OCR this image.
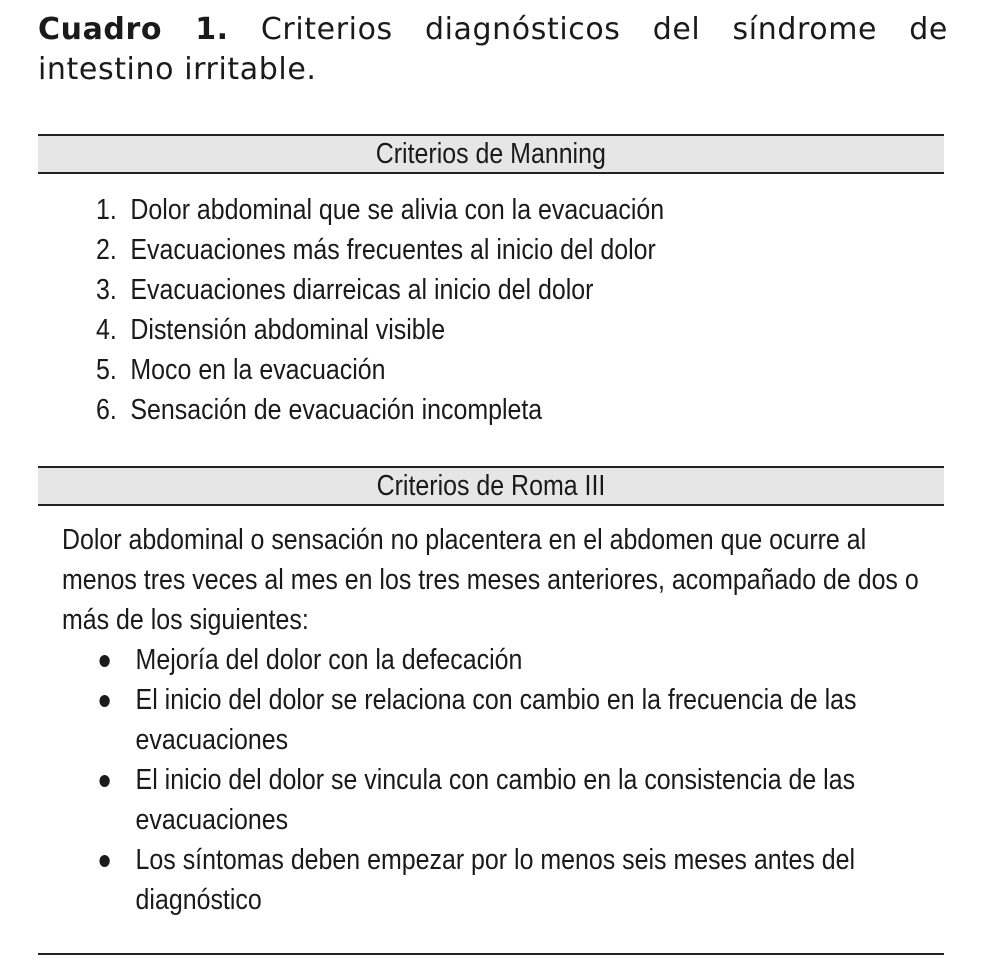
Cuadro 1. Criterios diagnósticos del síndrome de intestino irritable.
Criterios de Manning
1. Dolor abdominal que se alivia con la evacuación
2. Evacuaciones más frecuentes al inicio del dolor
3. Evacuaciones diarreicas al inicio del dolor
4. Distensión abdominal visible
5. Moco en la evacuación
6. Sensación de evacuación incompleta
Criterios de Roma III
Dolor abdominal o sensación no placentera en el abdomen que ocurre al menos tres veces al mes en los tres meses anteriores, acompañado de dos o más de los siguientes:
Mejoría del dolor con la defecación
El inicio del dolor se relaciona con cambio en la frecuencia de las evacuaciones
El inicio del dolor se vincula con cambio en la consistencia de las evacuaciones
Los síntomas deben empezar por lo menos seis meses antes del diagnóstico
